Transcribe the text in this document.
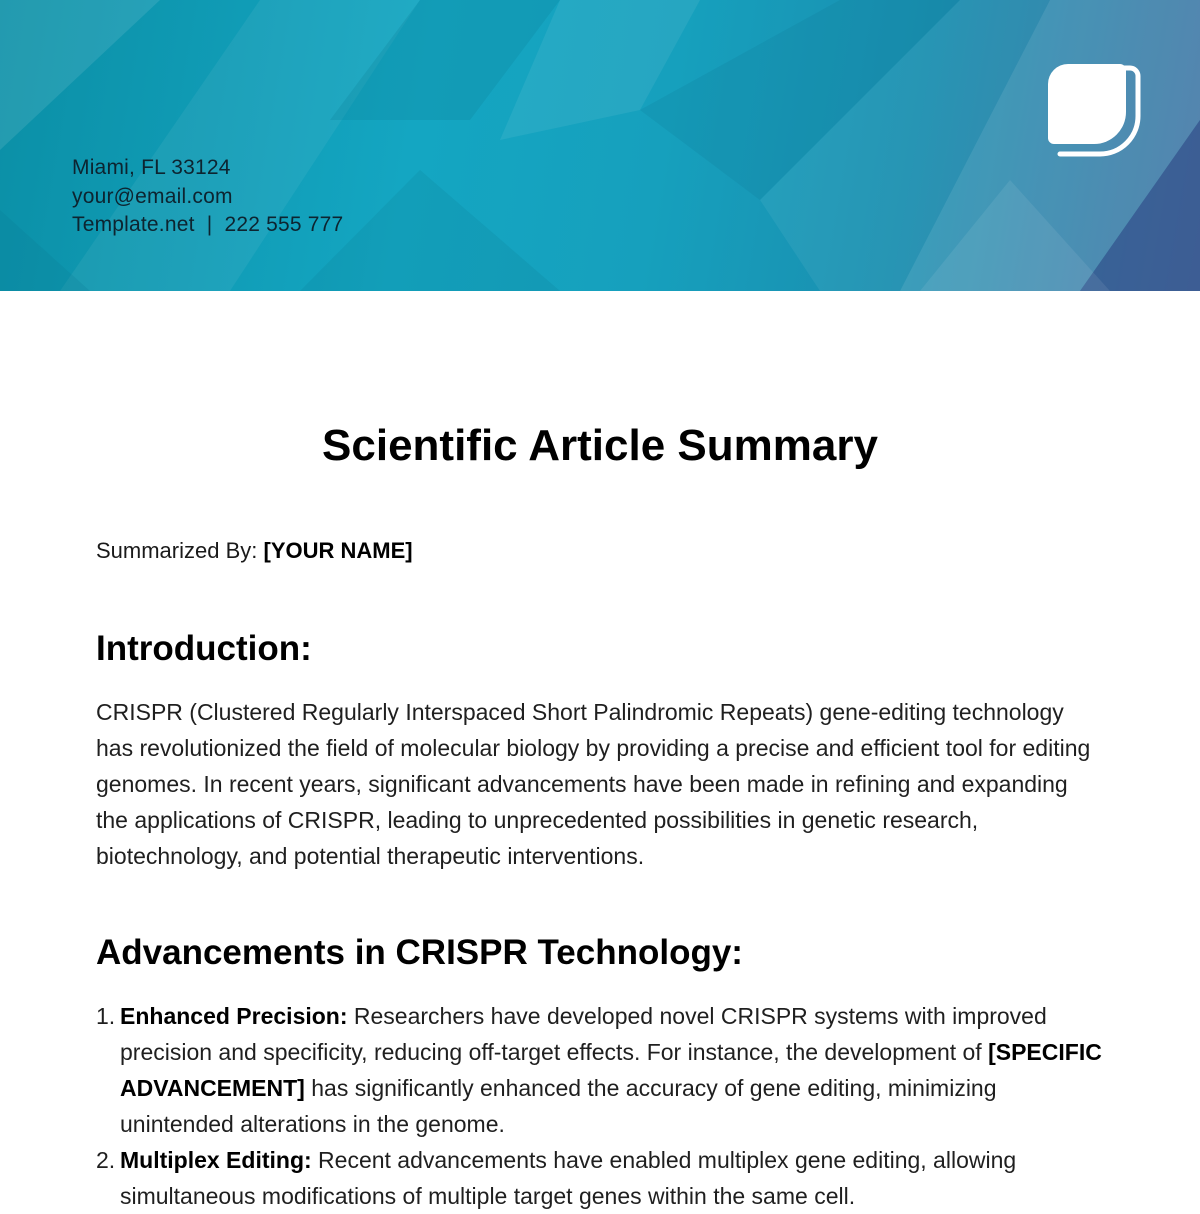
Miami, FL 33124
your@email.com
Template.net | 222 555 777
Scientific Article Summary
Summarized By: [YOUR NAME]
Introduction:

CRISPR (Clustered Regularly Interspaced Short Palindromic Repeats) gene-editing technology has revolutionized the field of molecular biology by providing a precise and efficient tool for editing genomes. In recent years, significant advancements have been made in refining and expanding the applications of CRISPR, leading to unprecedented possibilities in genetic research, biotechnology, and potential therapeutic interventions.

Advancements in CRISPR Technology:
1. Enhanced Precision: Researchers have developed novel CRISPR systems with improved precision and specificity, reducing off-target effects. For instance, the development of [SPECIFIC ADVANCEMENT] has significantly enhanced the accuracy of gene editing, minimizing unintended alterations in the genome.
2. Multiplex Editing: Recent advancements have enabled multiplex gene editing, allowing simultaneous modifications of multiple target genes within the same cell.
